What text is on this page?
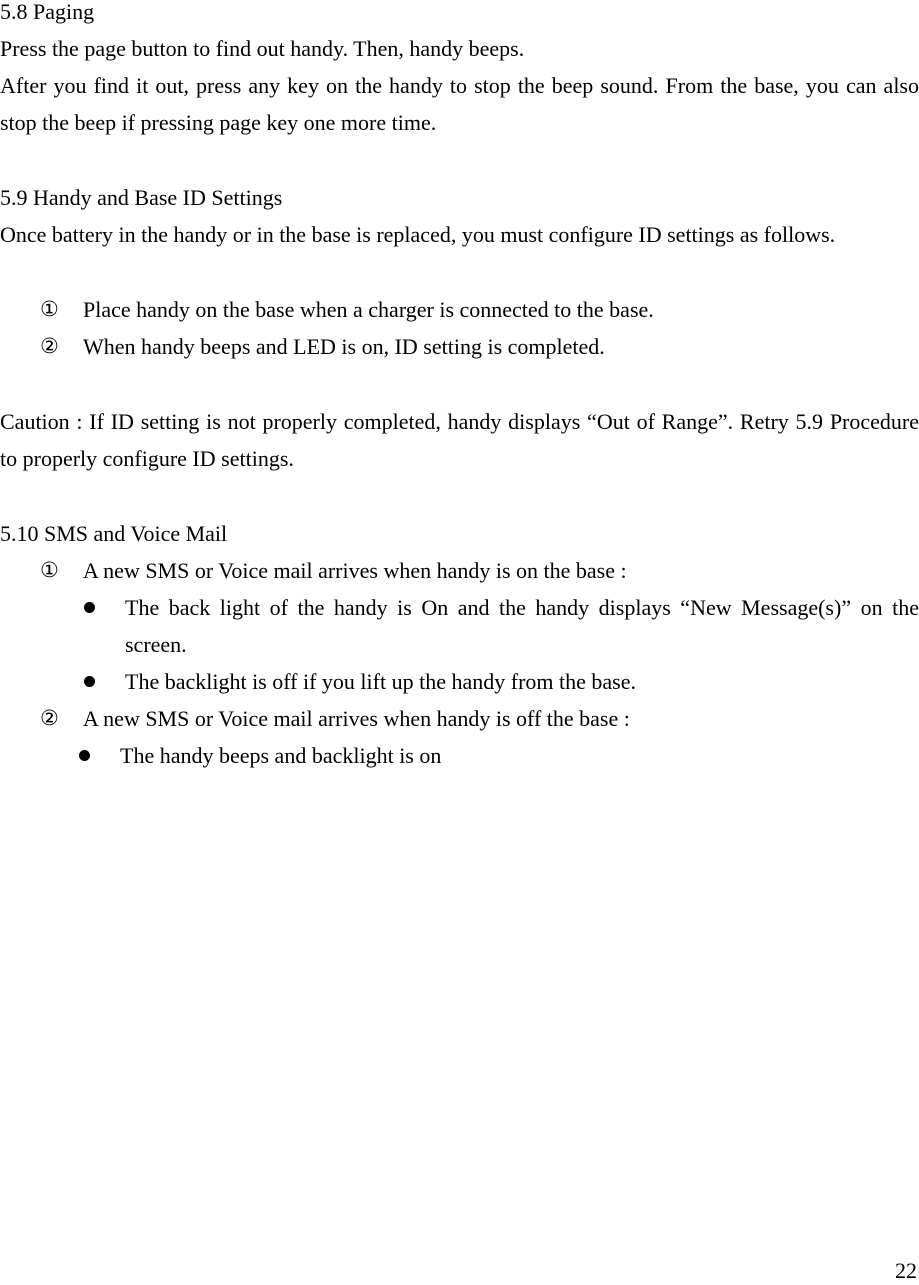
5.8 Paging
Press the page button to find out handy. Then, handy beeps.
After you find it out, press any key on the handy to stop the beep sound. From the base, you can also stop the beep if pressing page key one more time.
5.9 Handy and Base ID Settings
Once battery in the handy or in the base is replaced, you must configure ID settings as follows.
① Place handy on the base when a charger is connected to the base.
② When handy beeps and LED is on, ID setting is completed.
Caution : If ID setting is not properly completed, handy displays “Out of Range”. Retry 5.9 Procedure to properly configure ID settings.
5.10 SMS and Voice Mail
① A new SMS or Voice mail arrives when handy is on the base :
The back light of the handy is On and the handy displays “New Message(s)” on the screen.
The backlight is off if you lift up the handy from the base.
② A new SMS or Voice mail arrives when handy is off the base :
The handy beeps and backlight is on
22
